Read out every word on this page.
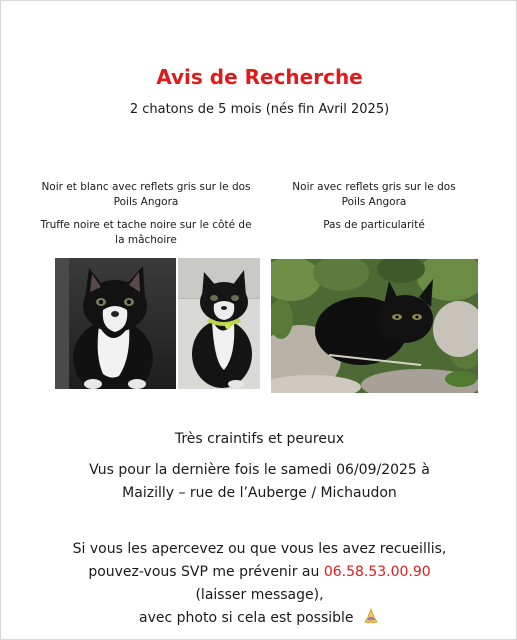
Avis de Recherche
2 chatons de 5 mois (nés fin Avril 2025)

Noir et blanc avec reflets gris sur le dos
Poils Angora

Truffe noire et tache noire sur le côté de
la mâchoire

Noir avec reflets gris sur le dos
Poils Angora

Pas de particularité

Très craintifs et peureux
Vus pour la dernière fois le samedi 06/09/2025 à
Maizilly – rue de l’Auberge / Michaudon
Si vous les apercevez ou que vous les avez recueillis,
pouvez-vous SVP me prévenir au 06.58.53.00.90
(laisser message),
avec photo si cela est possible
